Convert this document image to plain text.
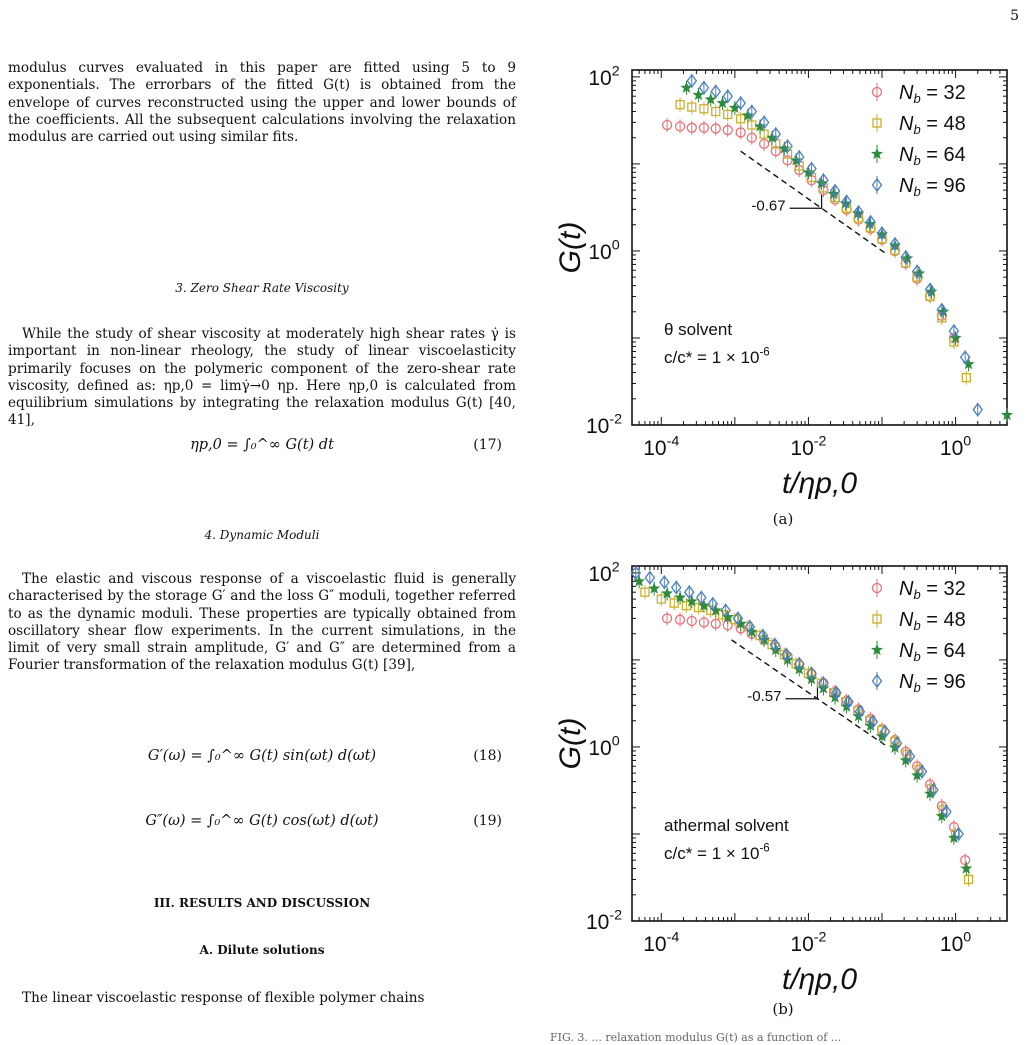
5

modulus curves evaluated in this paper are fitted using 5 to 9 exponentials. The errorbars of the fitted G(t) is obtained from the envelope of curves reconstructed using the upper and lower bounds of the coefficients. All the subsequent calculations involving the relaxation modulus are carried out using similar fits.

3. Zero Shear Rate Viscosity

While the study of shear viscosity at moderately high shear rates γ̇ is important in non-linear rheology, the study of linear viscoelasticity primarily focuses on the polymeric component of the zero-shear rate viscosity, defined as: ηp,0 = limγ̇→0 ηp. Here ηp,0 is calculated from equilibrium simulations by integrating the relaxation modulus G(t) [40, 41],

ηp,0 = ∫₀^∞ G(t) dt	(17)

4. Dynamic Moduli

The elastic and viscous response of a viscoelastic fluid is generally characterised by the storage G′ and the loss G″ moduli, together referred to as the dynamic moduli. These properties are typically obtained from oscillatory shear flow experiments. In the current simulations, in the limit of very small strain amplitude, G′ and G″ are determined from a Fourier transformation of the relaxation modulus G(t) [39],

G′(ω) = ∫₀^∞ G(t) sin(ωt) d(ωt)	(18)
G″(ω) = ∫₀^∞ G(t) cos(ωt) d(ωt)	(19)

III. RESULTS AND DISCUSSION

A. Dilute solutions

The linear viscoelastic response of flexible polymer chains

$10^{-4}$	$10^{-2}$	$10^0$
$10^2$
$10^0$
$10^{-2}$
t/ηp,0
G(t)
-0.67
$N_b = 32$
$N_b = 48$
$N_b = 64$
$N_b = 96$
θ solvent
$c/c* = 1 \times 10^{-6}$
(a)
$10^{-4}$	$10^{-2}$	$10^0$
$10^2$
$10^0$
$10^{-2}$
t/ηp,0
G(t)
-0.57
$N_b = 32$
$N_b = 48$
$N_b = 64$
$N_b = 96$
athermal solvent
$c/c* = 1 \times 10^{-6}$
(b)
FIG. 3. ... relaxation modulus G(t) as a function of ...
